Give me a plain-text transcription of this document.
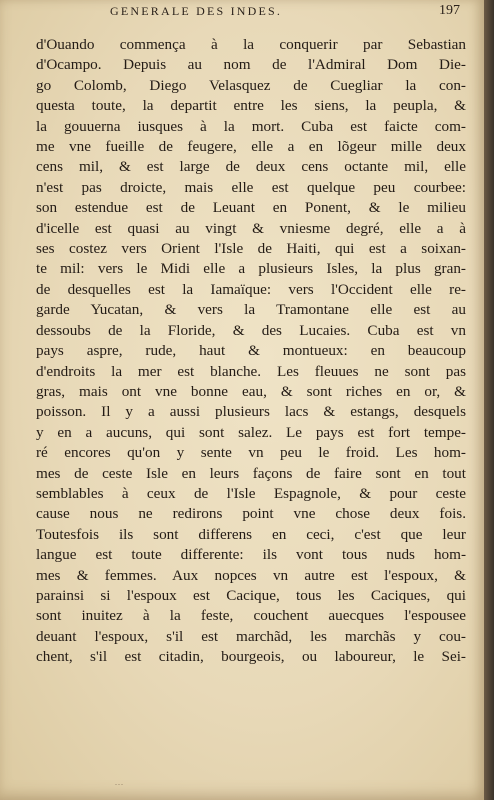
GENERALE DES INDES.	197
d'Ouando commença à la conquerir par Sebastian
d'Ocampo. Depuis au nom de l'Admiral Dom Die-
go Colomb, Diego Velasquez de Cuegliar la con-
questa toute, la departit entre les siens, la peupla, &
la gouuerna iusques à la mort. Cuba est faicte com-
me vne fueille de feugere, elle a en lõgeur mille deux
cens mil, & est large de deux cens octante mil, elle
n'est pas droicte, mais elle est quelque peu courbee:
son estendue est de Leuant en Ponent, & le milieu
d'icelle est quasi au vingt & vniesme degré, elle a à
ses costez vers Orient l'Isle de Haiti, qui est a soixan-
te mil: vers le Midi elle a plusieurs Isles, la plus gran-
de desquelles est la Iamaïque: vers l'Occident elle re-
garde Yucatan, & vers la Tramontane elle est au
dessoubs de la Floride, & des Lucaies. Cuba est vn
pays aspre, rude, haut & montueux: en beaucoup
d'endroits la mer est blanche. Les fleuues ne sont pas
gras, mais ont vne bonne eau, & sont riches en or, &
poisson. Il y a aussi plusieurs lacs & estangs, desquels
y en a aucuns, qui sont salez. Le pays est fort tempe-
ré encores qu'on y sente vn peu le froid. Les hom-
mes de ceste Isle en leurs façons de faire sont en tout
semblables à ceux de l'Isle Espagnole, & pour ceste
cause nous ne redirons point vne chose deux fois.
Toutesfois ils sont differens en ceci, c'est que leur
langue est toute differente: ils vont tous nuds hom-
mes & femmes. Aux nopces vn autre est l'espoux, &
parainsi si l'espoux est Cacique, tous les Caciques, qui
sont inuitez à la feste, couchent auecques l'espousee
deuant l'espoux, s'il est marchãd, les marchãs y cou-
chent, s'il est citadin, bourgeois, ou laboureur, le Sei-
...
